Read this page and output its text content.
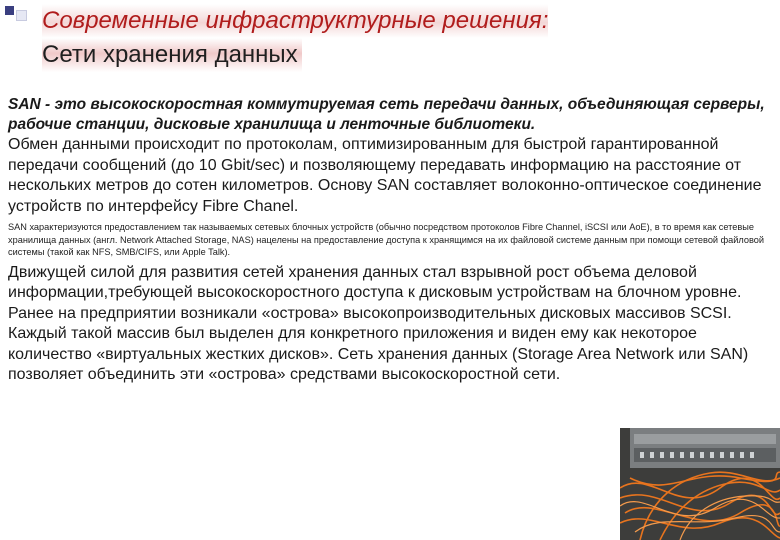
Современные инфраструктурные решения:
Сети хранения данных

SAN - это высокоскоростная коммутируемая сеть передачи данных, объединяющая серверы, рабочие станции, дисковые хранилища и ленточные библиотеки.

Обмен данными происходит по протоколам, оптимизированным для быстрой гарантированной передачи сообщений (до 10 Gbit/sec) и позволяющему передавать информацию на расстояние от нескольких метров до сотен километров. Основу SAN составляет волоконно-оптическое соединение устройств по интерфейсу Fibre Chanel.

SAN характеризуются предоставлением так называемых сетевых блочных устройств (обычно посредством протоколов Fibre Channel, iSCSI или AoE), в то время как сетевые хранилища данных (англ. Network Attached Storage, NAS) нацелены на предоставление доступа к хранящимся на их файловой системе данным при помощи сетевой файловой системы (такой как NFS, SMB/CIFS, или Apple Talk).

Движущей силой для развития сетей хранения данных стал взрывной рост объема деловой информации,требующей высокоскоростного доступа к дисковым устройствам на блочном уровне.

Ранее на предприятии возникали «острова» высокопроизводительных дисковых массивов SCSI. Каждый такой массив был выделен для конкретного приложения и виден ему как некоторое количество «виртуальных жестких дисков». Сеть хранения данных (Storage Area Network или SAN) позволяет объединить эти «острова» средствами высокоскоростной сети.
